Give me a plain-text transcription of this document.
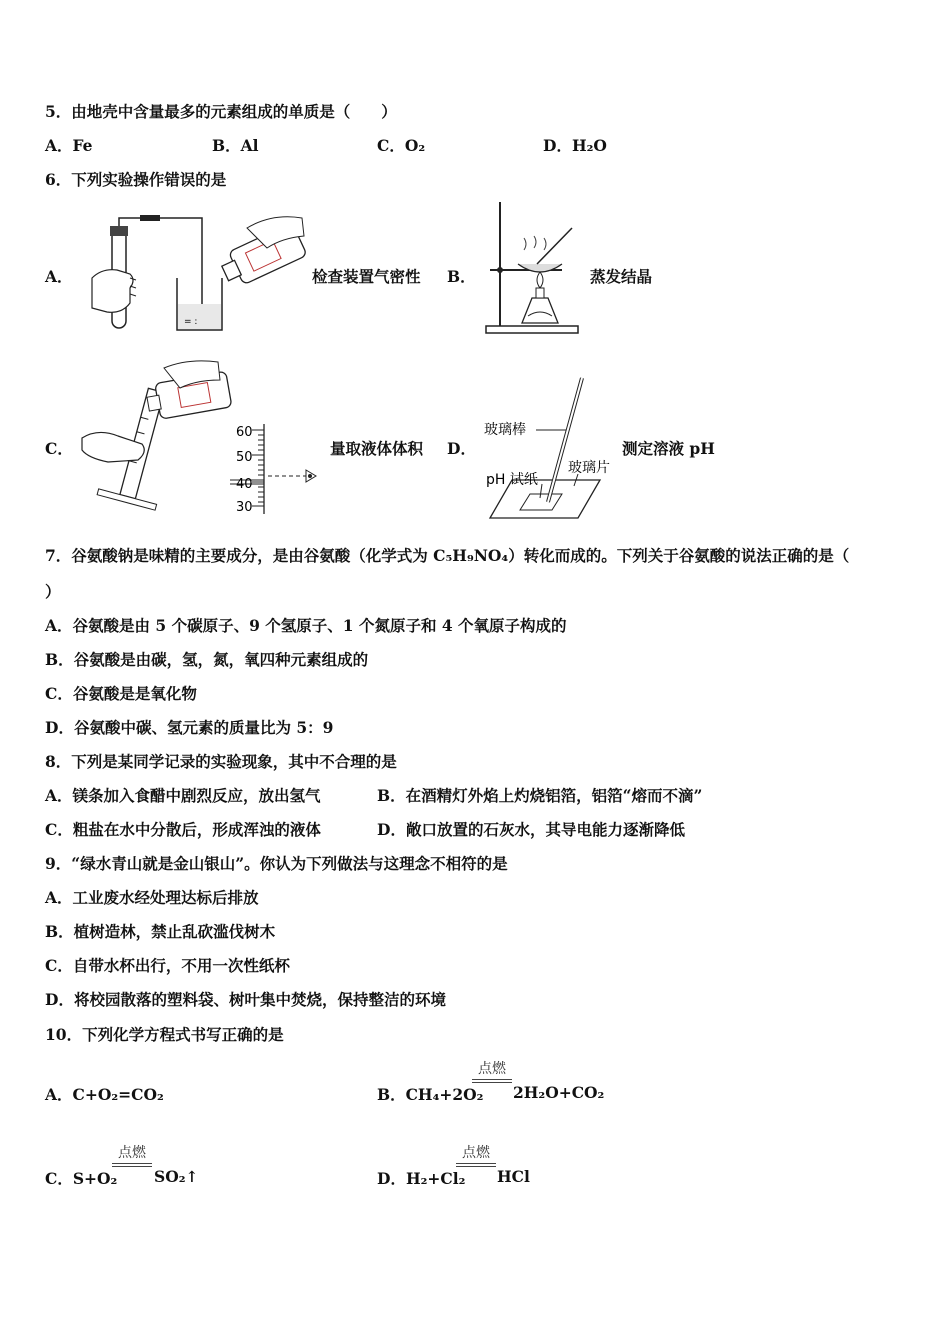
5．由地壳中含量最多的元素组成的单质是（　　）
A．Fe	B．Al	C．O₂	D．H₂O
6．下列实验操作错误的是
A．
= :
检查装置气密性 B．	蒸发结晶
C．
60
50
40
30
量取液体体积 D．
玻璃棒
pH 试纸
玻璃片
测定溶液 pH
7．谷氨酸钠是味精的主要成分，是由谷氨酸（化学式为 C₅H₉NO₄）转化而成的。下列关于谷氨酸的说法正确的是（
）
A．谷氨酸是由 5 个碳原子、9 个氢原子、1 个氮原子和 4 个氧原子构成的
B．谷氨酸是由碳，氢，氮，氧四种元素组成的
C．谷氨酸是是氧化物
D．谷氨酸中碳、氢元素的质量比为 5：9
8．下列是某同学记录的实验现象，其中不合理的是
A．镁条加入食醋中剧烈反应，放出氢气	B．在酒精灯外焰上灼烧铝箔，铝箔“熔而不滴”
C．粗盐在水中分散后，形成浑浊的液体	D．敞口放置的石灰水，其导电能力逐渐降低
9．“绿水青山就是金山银山”。你认为下列做法与这理念不相符的是
A．工业废水经处理达标后排放
B．植树造林，禁止乱砍滥伐树木
C．自带水杯出行，不用一次性纸杯
D．将校园散落的塑料袋、树叶集中焚烧，保持整洁的环境
10．下列化学方程式书写正确的是
A．C+O₂=CO₂	B．CH₄+2O₂
点燃
2H₂O+CO₂
C．S+O₂
点燃
SO₂↑	D．H₂+Cl₂
点燃
HCl
